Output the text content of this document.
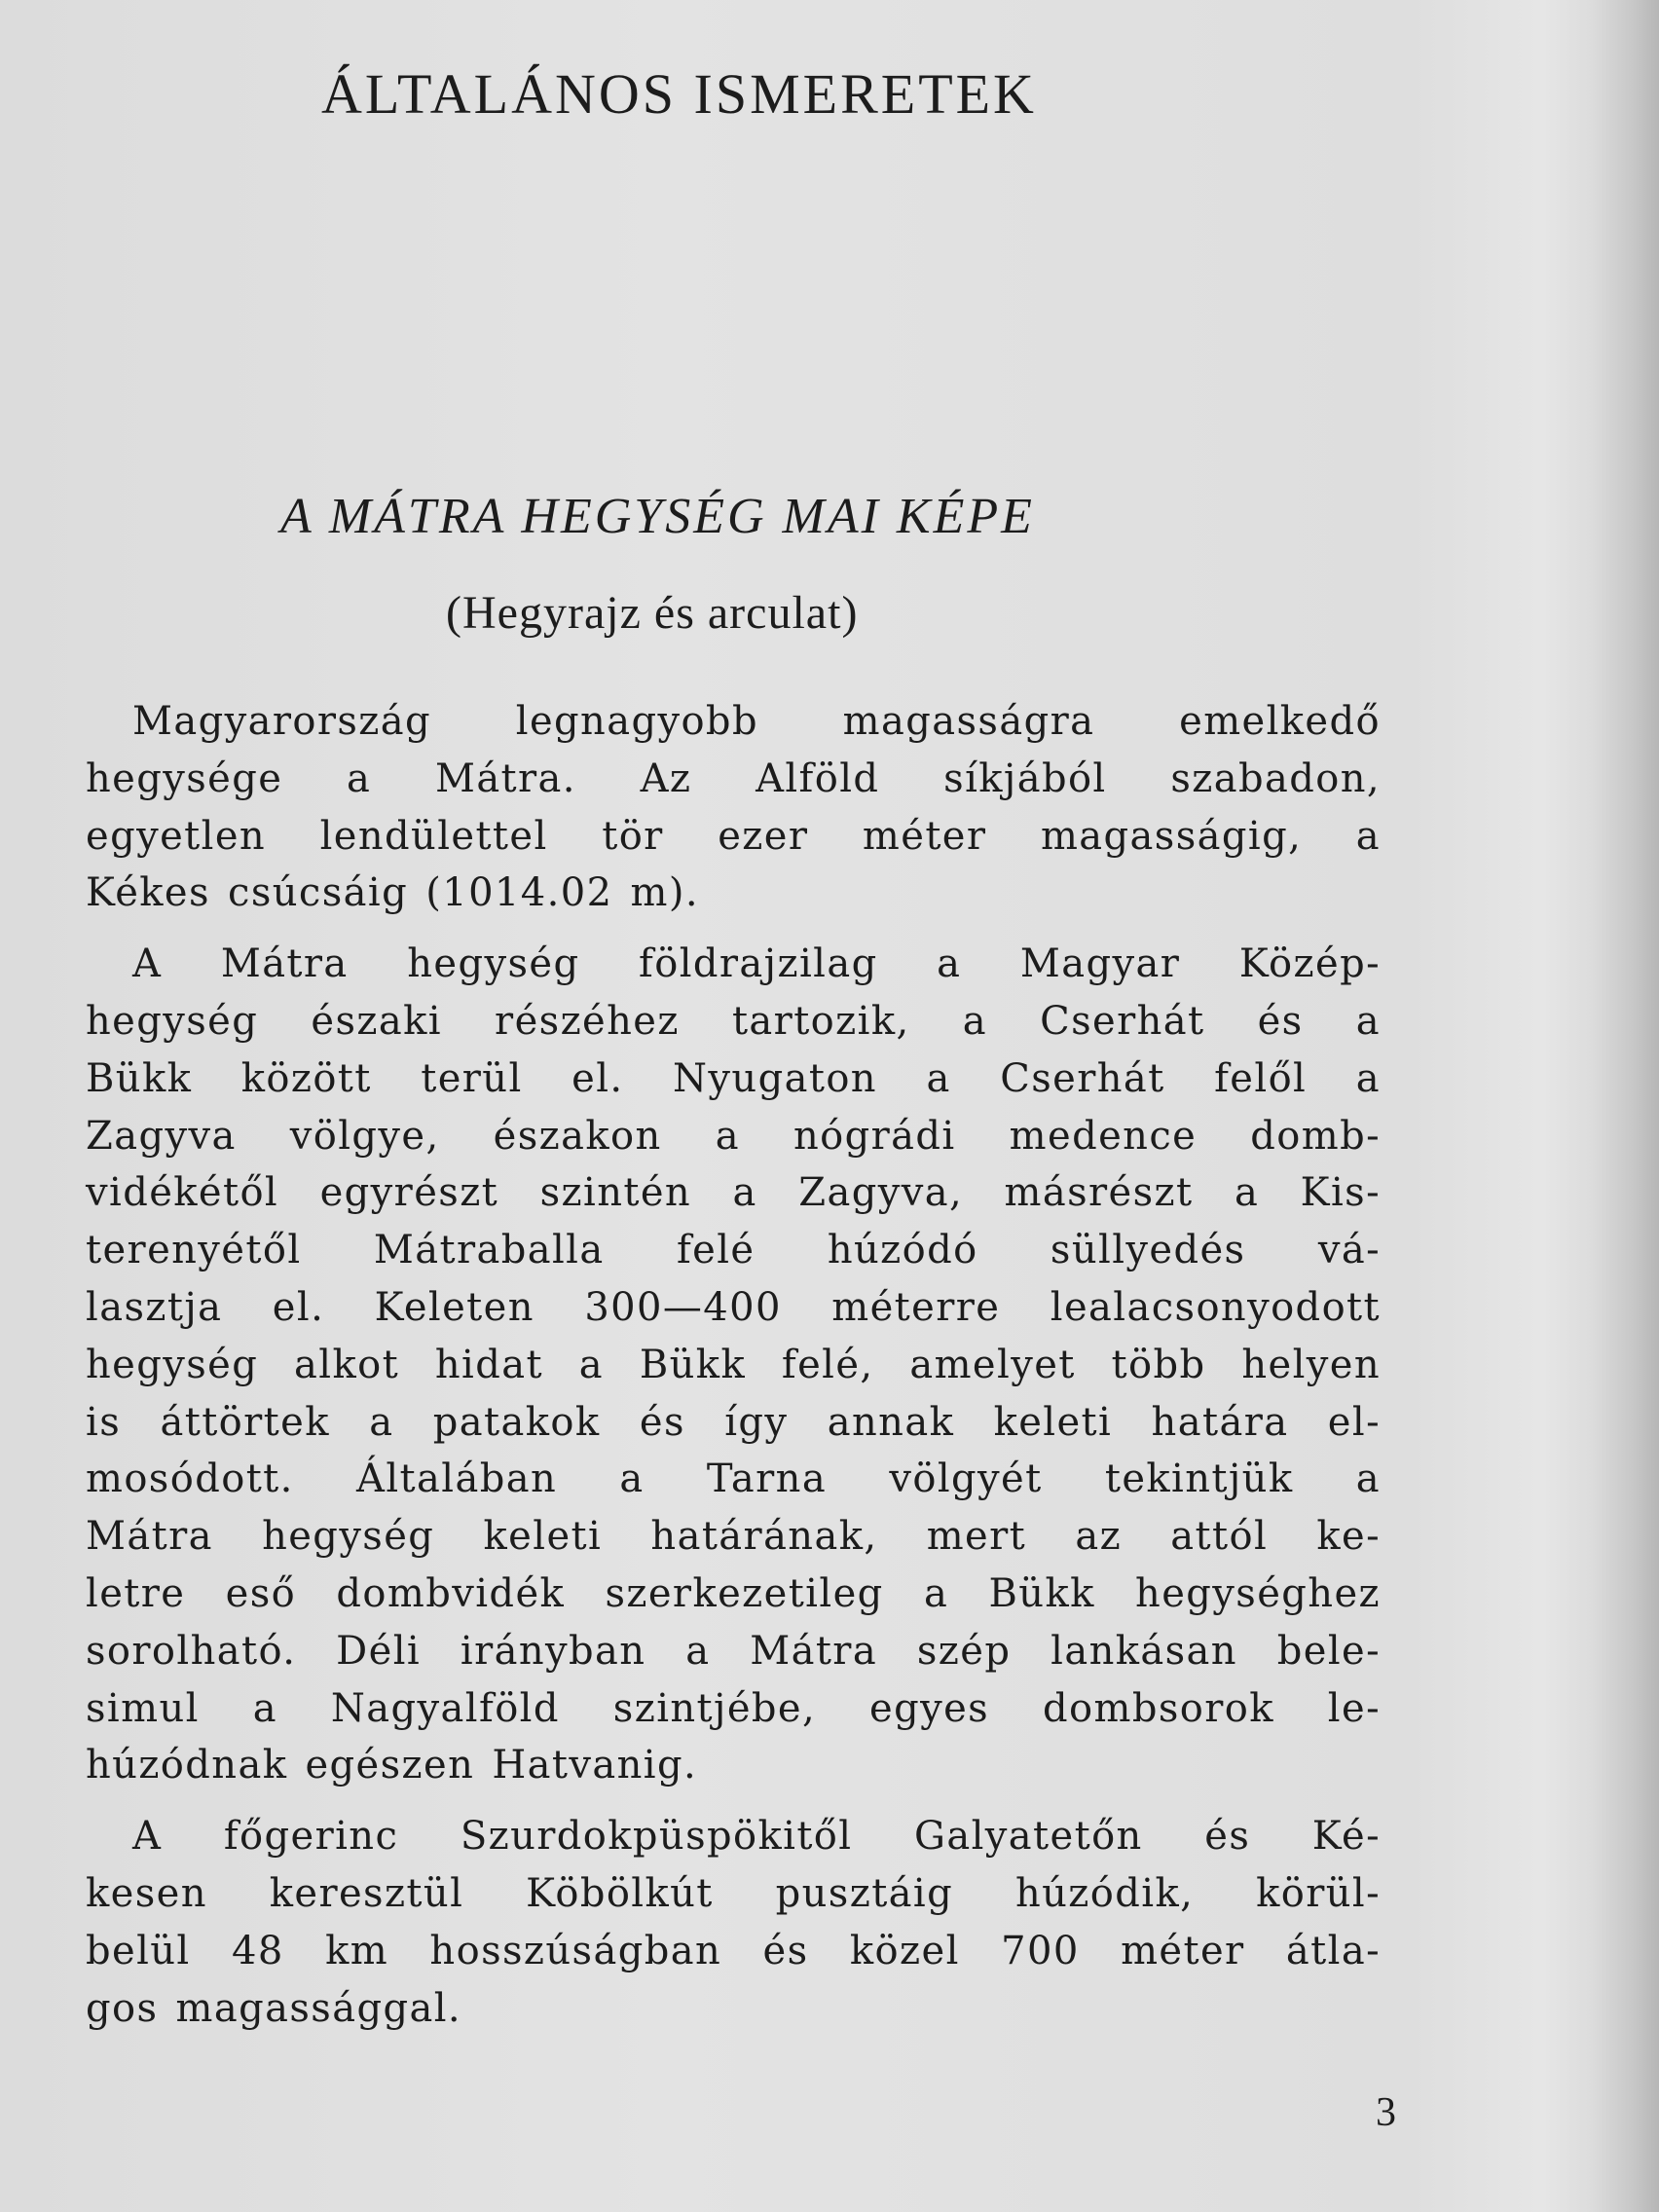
ÁLTALÁNOS ISMERETEK
A MÁTRA HEGYSÉG MAI KÉPE
(Hegyrajz és arculat)
Magyarország legnagyobb magasságra emelkedő
hegysége a Mátra. Az Alföld síkjából szabadon,
egyetlen lendülettel tör ezer méter magasságig, a
Kékes csúcsáig (1014.02 m).
A Mátra hegység földrajzilag a Magyar Közép-
hegység északi részéhez tartozik, a Cserhát és a
Bükk között terül el. Nyugaton a Cserhát felől a
Zagyva völgye, északon a nógrádi medence domb-
vidékétől egyrészt szintén a Zagyva, másrészt a Kis-
terenyétől Mátraballa felé húzódó süllyedés vá-
lasztja el. Keleten 300—400 méterre lealacsonyodott
hegység alkot hidat a Bükk felé, amelyet több helyen
is áttörtek a patakok és így annak keleti határa el-
mosódott. Általában a Tarna völgyét tekintjük a
Mátra hegység keleti határának, mert az attól ke-
letre eső dombvidék szerkezetileg a Bükk hegységhez
sorolható. Déli irányban a Mátra szép lankásan bele-
simul a Nagyalföld szintjébe, egyes dombsorok le-
húzódnak egészen Hatvanig.
A főgerinc Szurdokpüspökitől Galyatetőn és Ké-
kesen keresztül Köbölkút pusztáig húzódik, körül-
belül 48 km hosszúságban és közel 700 méter átla-
gos magassággal.
3
